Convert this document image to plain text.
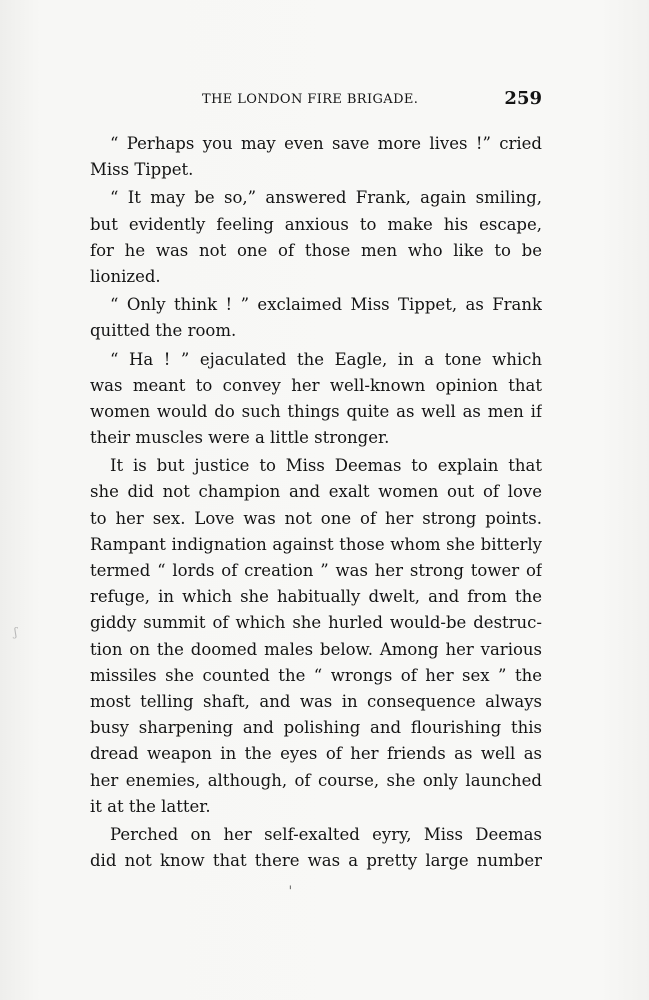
THE LONDON FIRE BRIGADE.	259
“ Perhaps you may even save more lives !” cried
Miss Tippet.
“ It may be so,” answered Frank, again smiling,
but evidently feeling anxious to make his escape,
for he was not one of those men who like to be
lionized.
“ Only think ! ” exclaimed Miss Tippet, as Frank
quitted the room.
“ Ha ! ” ejaculated the Eagle, in a tone which
was meant to convey her well-known opinion that
women would do such things quite as well as men if
their muscles were a little stronger.
It is but justice to Miss Deemas to explain that
she did not champion and exalt women out of love
to her sex. Love was not one of her strong points.
Rampant indignation against those whom she bitterly
termed “ lords of creation ” was her strong tower of
refuge, in which she habitually dwelt, and from the
giddy summit of which she hurled would-be destruc-
tion on the doomed males below. Among her various
missiles she counted the “ wrongs of her sex ” the
most telling shaft, and was in consequence always
busy sharpening and polishing and flourishing this
dread weapon in the eyes of her friends as well as
her enemies, although, of course, she only launched
it at the latter.
Perched on her self-exalted eyry, Miss Deemas
did not know that there was a pretty large number
ʃ
